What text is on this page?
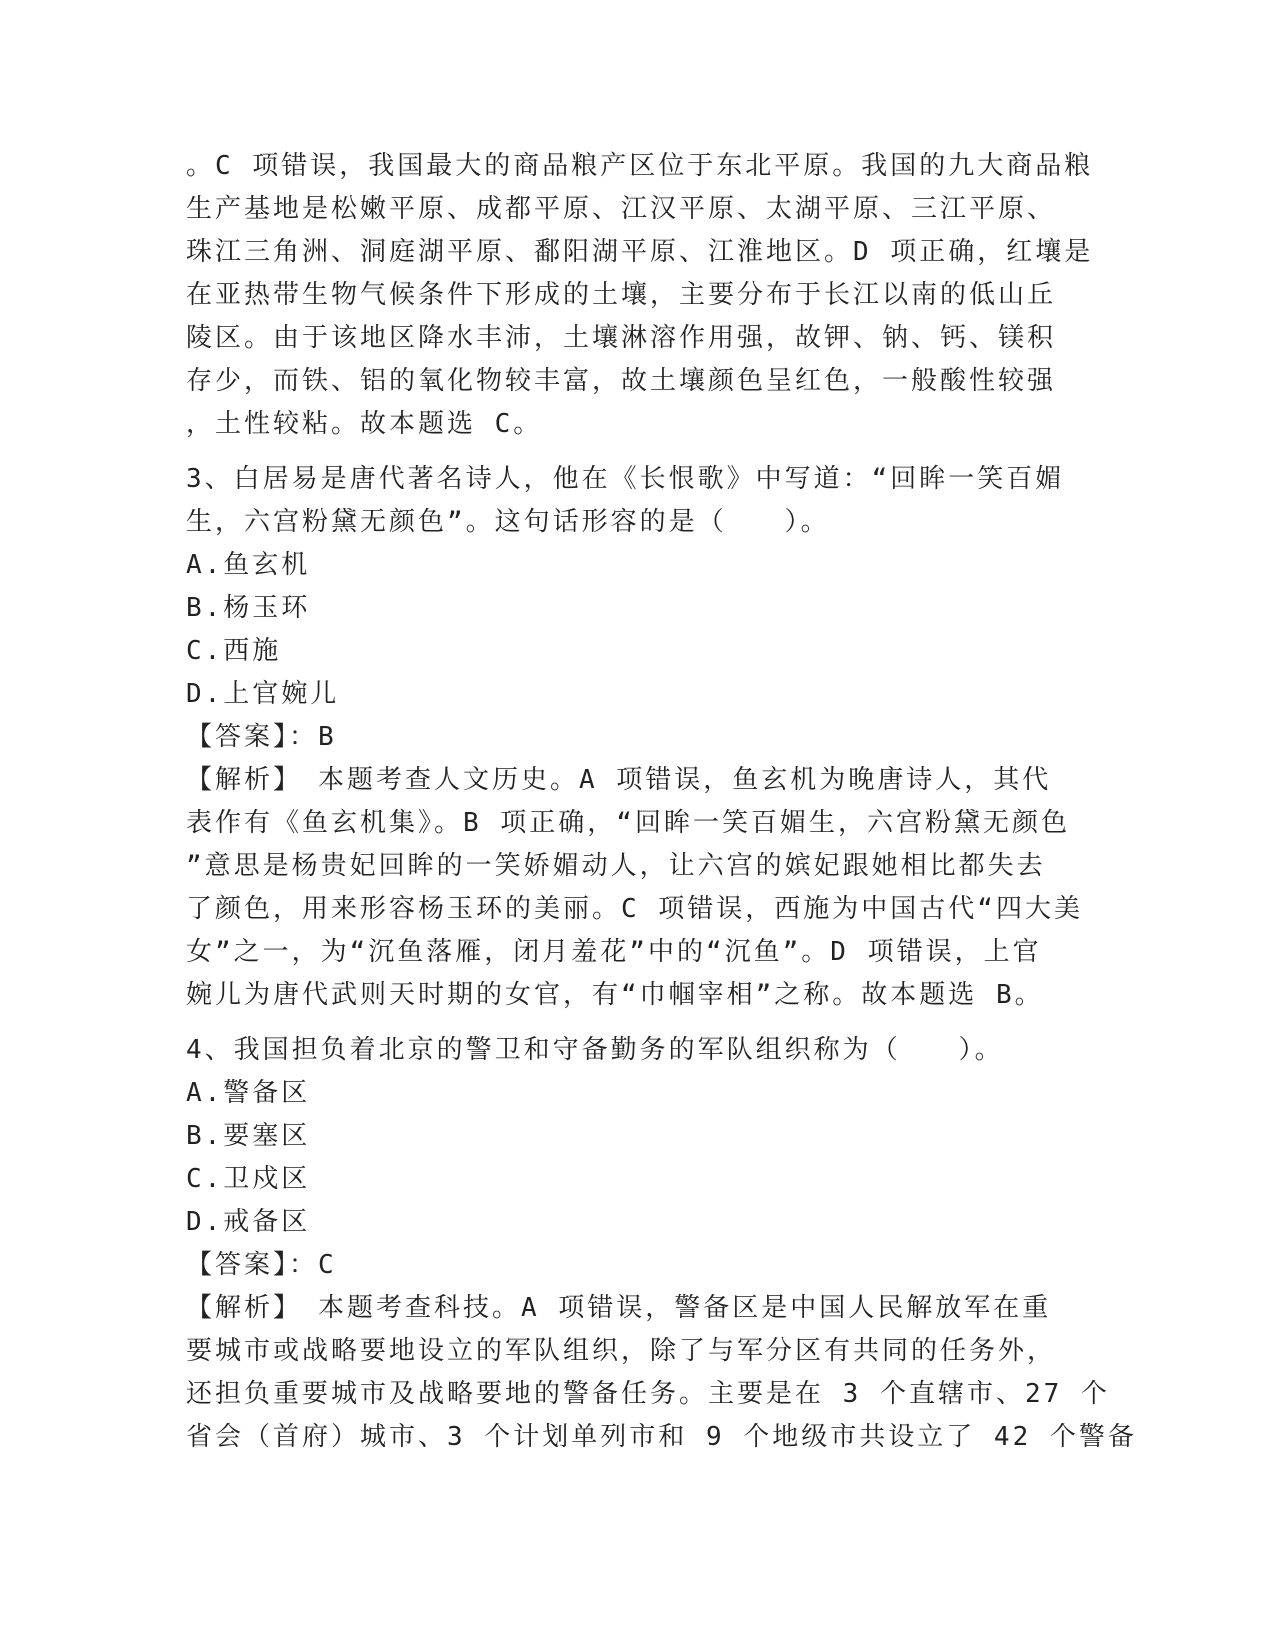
。C 项错误，我国最大的商品粮产区位于东北平原。我国的九大商品粮
生产基地是松嫩平原、成都平原、江汉平原、太湖平原、三江平原、
珠江三角洲、洞庭湖平原、鄱阳湖平原、江淮地区。D 项正确，红壤是
在亚热带生物气候条件下形成的土壤，主要分布于长江以南的低山丘
陵区。由于该地区降水丰沛，土壤淋溶作用强，故钾、钠、钙、镁积
存少，而铁、铝的氧化物较丰富，故土壤颜色呈红色，一般酸性较强
，土性较粘。故本题选 C。
3、白居易是唐代著名诗人，他在《长恨歌》中写道：“回眸一笑百媚
生，六宫粉黛无颜色”。这句话形容的是（　　）。
A.鱼玄机
B.杨玉环
C.西施
D.上官婉儿
【答案】：B
【解析】　本题考查人文历史。A 项错误，鱼玄机为晚唐诗人，其代
表作有《鱼玄机集》。B 项正确，“回眸一笑百媚生，六宫粉黛无颜色
”意思是杨贵妃回眸的一笑娇媚动人，让六宫的嫔妃跟她相比都失去
了颜色，用来形容杨玉环的美丽。C 项错误，西施为中国古代“四大美
女”之一，为“沉鱼落雁，闭月羞花”中的“沉鱼”。D 项错误，上官
婉儿为唐代武则天时期的女官，有“巾帼宰相”之称。故本题选 B。
4、我国担负着北京的警卫和守备勤务的军队组织称为（　　）。
A.警备区
B.要塞区
C.卫戍区
D.戒备区
【答案】：C
【解析】　本题考查科技。A 项错误，警备区是中国人民解放军在重
要城市或战略要地设立的军队组织，除了与军分区有共同的任务外，
还担负重要城市及战略要地的警备任务。主要是在 3 个直辖市、27 个
省会（首府）城市、3 个计划单列市和 9 个地级市共设立了 42 个警备
